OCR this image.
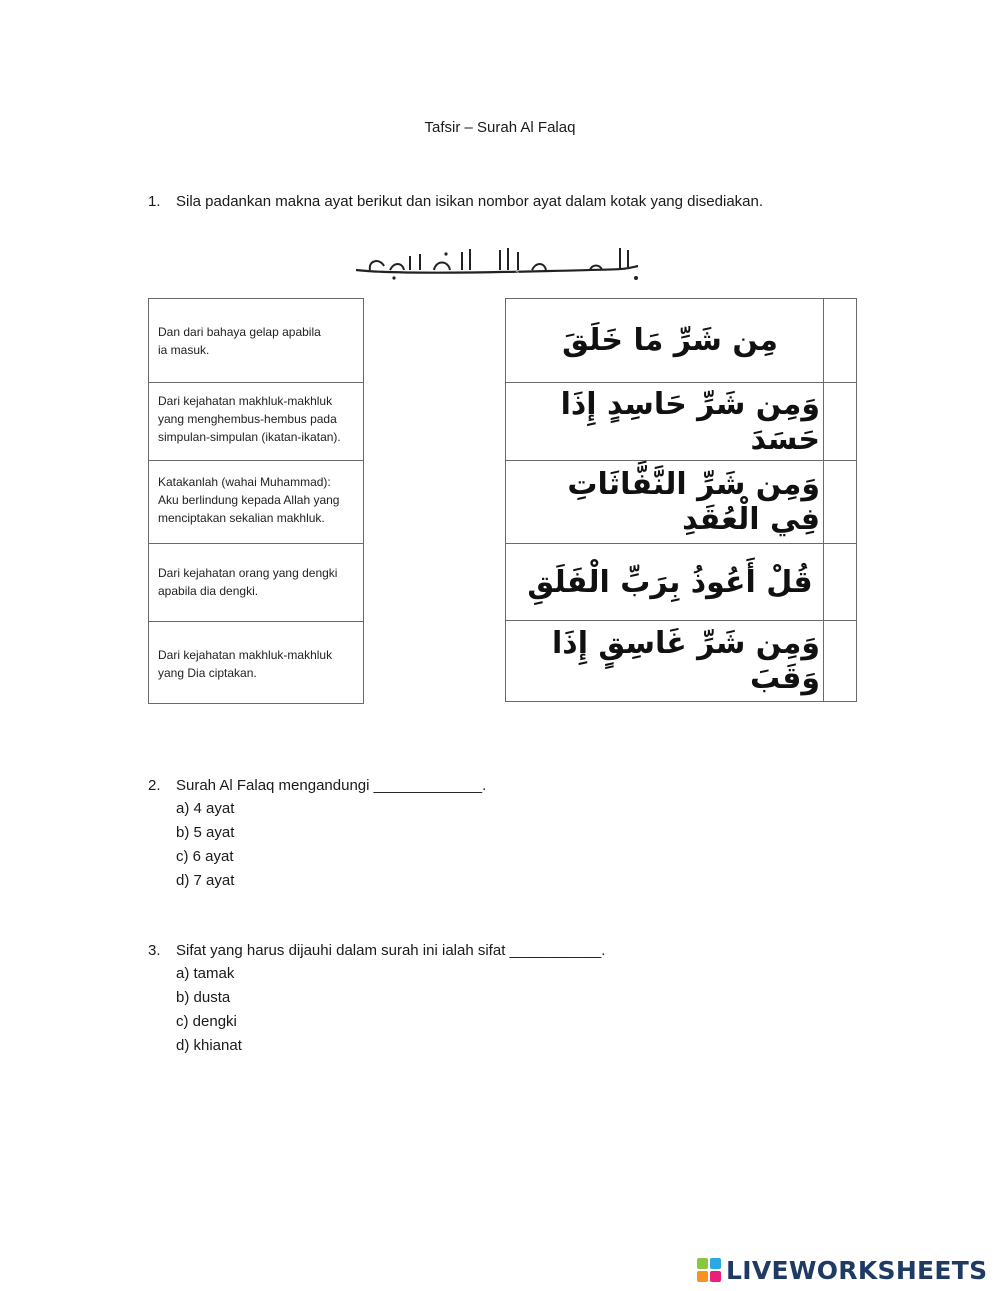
Tafsir – Surah Al Falaq
1. Sila padankan makna ayat berikut dan isikan nombor ayat dalam kotak yang disediakan.
بِسْمِ اللَّهِ الرَّحْمَٰنِ الرَّحِيمِ
Dan dari bahaya gelap apabila
ia masuk.
Dari kejahatan makhluk-makhluk
yang menghembus-hembus pada
simpulan-simpulan (ikatan-ikatan).
Katakanlah (wahai Muhammad):
Aku berlindung kepada Allah yang
menciptakan sekalian makhluk.
Dari kejahatan orang yang dengki
apabila dia dengki.
Dari kejahatan makhluk-makhluk
yang Dia ciptakan.
مِن شَرِّ مَا خَلَقَ
وَمِن شَرِّ حَاسِدٍ إِذَا حَسَدَ
وَمِن شَرِّ النَّفَّاثَاتِ فِي الْعُقَدِ
قُلْ أَعُوذُ بِرَبِّ الْفَلَقِ
وَمِن شَرِّ غَاسِقٍ إِذَا وَقَبَ
2. Surah Al Falaq mengandungi _____________.
a) 4 ayat
b) 5 ayat
c) 6 ayat
d) 7 ayat
3. Sifat yang harus dijauhi dalam surah ini ialah sifat ___________.
a) tamak
b) dusta
c) dengki
d) khianat
LIVEWORKSHEETS
